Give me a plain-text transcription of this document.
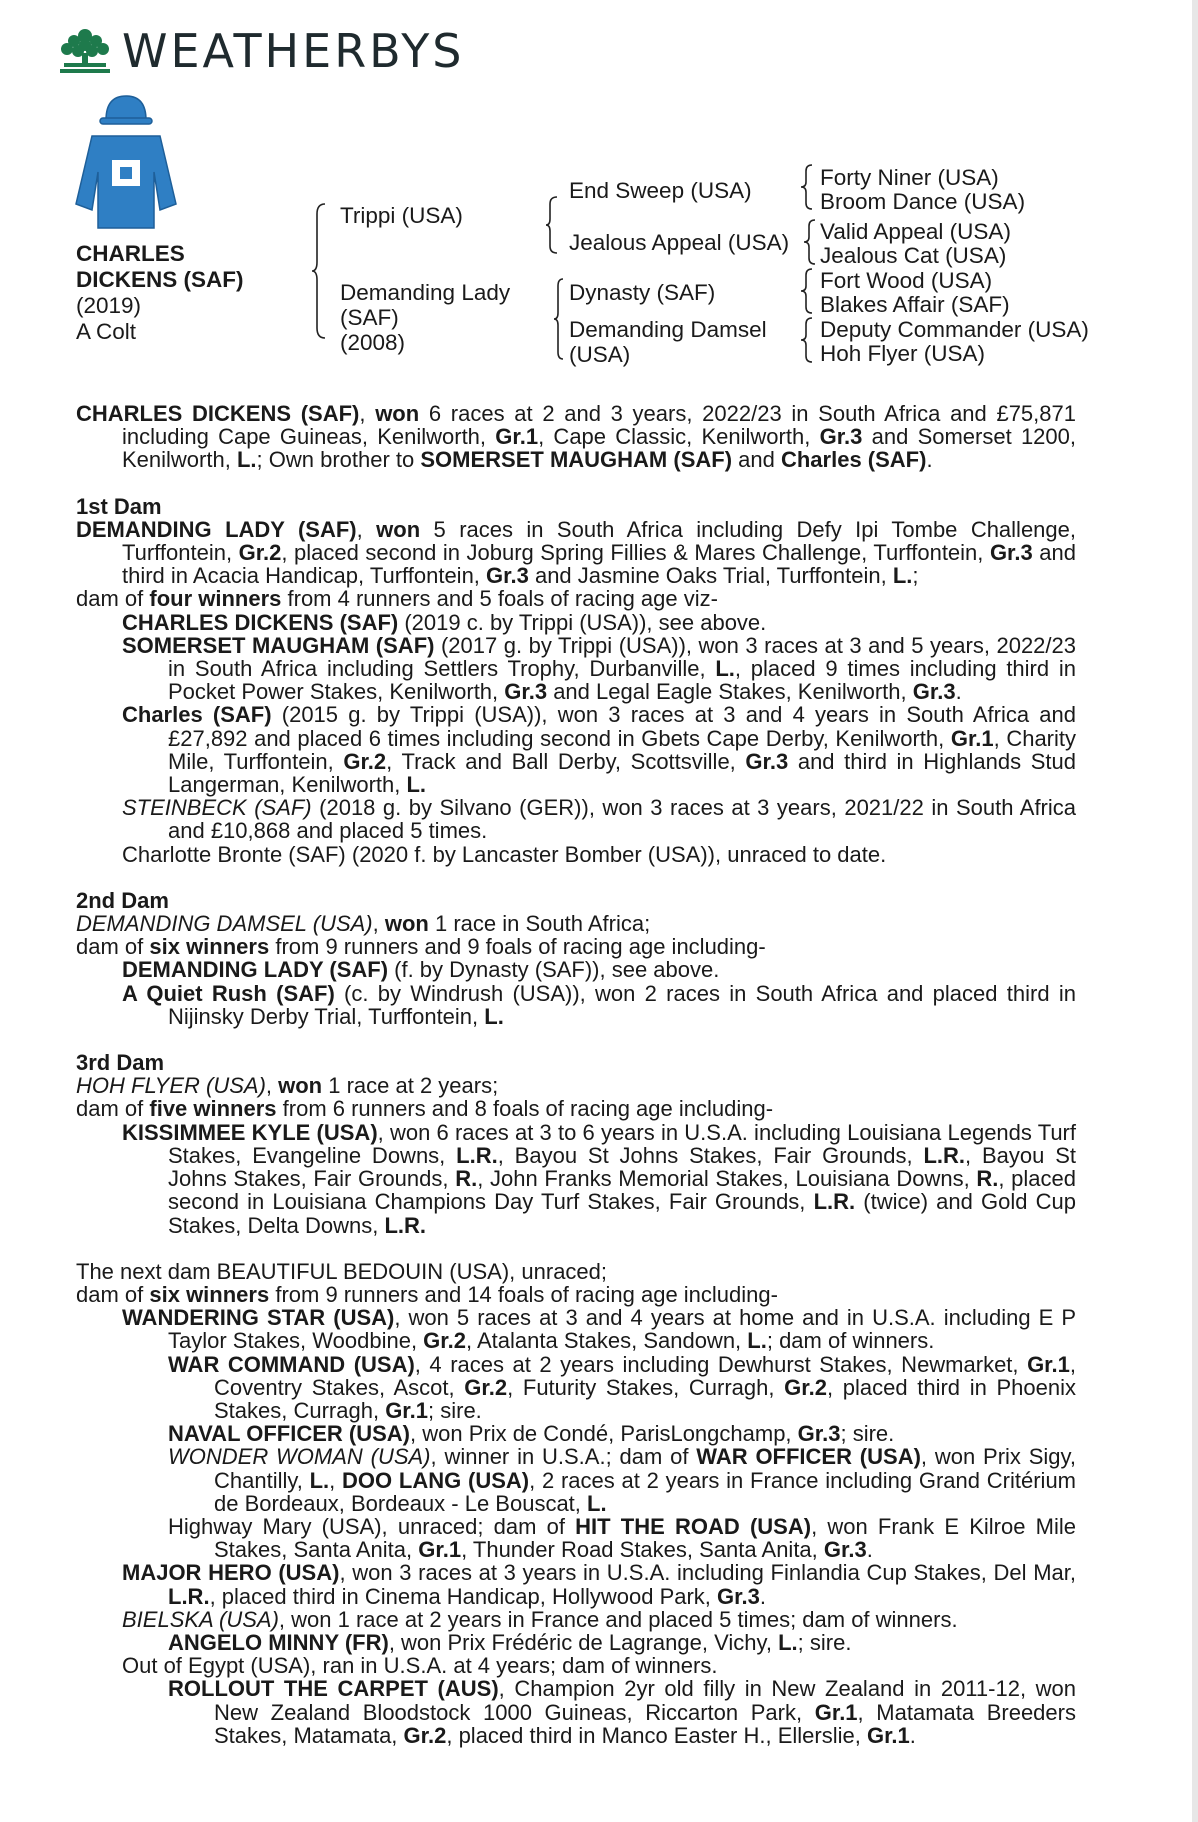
WEATHERBYS
CHARLES
DICKENS (SAF)
(2019)
A Colt
Trippi (USA)
Demanding Lady
(SAF)
(2008)
End Sweep (USA)
Jealous Appeal (USA)
Dynasty (SAF)
Demanding Damsel
(USA)
Forty Niner (USA)
Broom Dance (USA)
Valid Appeal (USA)
Jealous Cat (USA)
Fort Wood (USA)
Blakes Affair (SAF)
Deputy Commander (USA)
Hoh Flyer (USA)
CHARLES DICKENS (SAF), won 6 races at 2 and 3 years, 2022/23 in South Africa and £75,871 including Cape Guineas, Kenilworth, Gr.1, Cape Classic, Kenilworth, Gr.3 and Somerset 1200, Kenilworth, L.; Own brother to SOMERSET MAUGHAM (SAF) and Charles (SAF).
1st Dam
DEMANDING LADY (SAF), won 5 races in South Africa including Defy Ipi Tombe Challenge, Turffontein, Gr.2, placed second in Joburg Spring Fillies & Mares Challenge, Turffontein, Gr.3 and third in Acacia Handicap, Turffontein, Gr.3 and Jasmine Oaks Trial, Turffontein, L.;
dam of four winners from 4 runners and 5 foals of racing age viz-
CHARLES DICKENS (SAF) (2019 c. by Trippi (USA)), see above.
SOMERSET MAUGHAM (SAF) (2017 g. by Trippi (USA)), won 3 races at 3 and 5 years, 2022/23 in South Africa including Settlers Trophy, Durbanville, L., placed 9 times including third in Pocket Power Stakes, Kenilworth, Gr.3 and Legal Eagle Stakes, Kenilworth, Gr.3.
Charles (SAF) (2015 g. by Trippi (USA)), won 3 races at 3 and 4 years in South Africa and £27,892 and placed 6 times including second in Gbets Cape Derby, Kenilworth, Gr.1, Charity Mile, Turffontein, Gr.2, Track and Ball Derby, Scottsville, Gr.3 and third in Highlands Stud Langerman, Kenilworth, L.
STEINBECK (SAF) (2018 g. by Silvano (GER)), won 3 races at 3 years, 2021/22 in South Africa and £10,868 and placed 5 times.
Charlotte Bronte (SAF) (2020 f. by Lancaster Bomber (USA)), unraced to date.
2nd Dam
DEMANDING DAMSEL (USA), won 1 race in South Africa;
dam of six winners from 9 runners and 9 foals of racing age including-
DEMANDING LADY (SAF) (f. by Dynasty (SAF)), see above.
A Quiet Rush (SAF) (c. by Windrush (USA)), won 2 races in South Africa and placed third in Nijinsky Derby Trial, Turffontein, L.
3rd Dam
HOH FLYER (USA), won 1 race at 2 years;
dam of five winners from 6 runners and 8 foals of racing age including-
KISSIMMEE KYLE (USA), won 6 races at 3 to 6 years in U.S.A. including Louisiana Legends Turf Stakes, Evangeline Downs, L.R., Bayou St Johns Stakes, Fair Grounds, L.R., Bayou St Johns Stakes, Fair Grounds, R., John Franks Memorial Stakes, Louisiana Downs, R., placed second in Louisiana Champions Day Turf Stakes, Fair Grounds, L.R. (twice) and Gold Cup Stakes, Delta Downs, L.R.
The next dam BEAUTIFUL BEDOUIN (USA), unraced;
dam of six winners from 9 runners and 14 foals of racing age including-
WANDERING STAR (USA), won 5 races at 3 and 4 years at home and in U.S.A. including E P Taylor Stakes, Woodbine, Gr.2, Atalanta Stakes, Sandown, L.; dam of winners.
WAR COMMAND (USA), 4 races at 2 years including Dewhurst Stakes, Newmarket, Gr.1, Coventry Stakes, Ascot, Gr.2, Futurity Stakes, Curragh, Gr.2, placed third in Phoenix Stakes, Curragh, Gr.1; sire.
NAVAL OFFICER (USA), won Prix de Condé, ParisLongchamp, Gr.3; sire.
WONDER WOMAN (USA), winner in U.S.A.; dam of WAR OFFICER (USA), won Prix Sigy, Chantilly, L., DOO LANG (USA), 2 races at 2 years in France including Grand Critérium de Bordeaux, Bordeaux - Le Bouscat, L.
Highway Mary (USA), unraced; dam of HIT THE ROAD (USA), won Frank E Kilroe Mile Stakes, Santa Anita, Gr.1, Thunder Road Stakes, Santa Anita, Gr.3.
MAJOR HERO (USA), won 3 races at 3 years in U.S.A. including Finlandia Cup Stakes, Del Mar, L.R., placed third in Cinema Handicap, Hollywood Park, Gr.3.
BIELSKA (USA), won 1 race at 2 years in France and placed 5 times; dam of winners.
ANGELO MINNY (FR), won Prix Frédéric de Lagrange, Vichy, L.; sire.
Out of Egypt (USA), ran in U.S.A. at 4 years; dam of winners.
ROLLOUT THE CARPET (AUS), Champion 2yr old filly in New Zealand in 2011-12, won New Zealand Bloodstock 1000 Guineas, Riccarton Park, Gr.1, Matamata Breeders Stakes, Matamata, Gr.2, placed third in Manco Easter H., Ellerslie, Gr.1.
